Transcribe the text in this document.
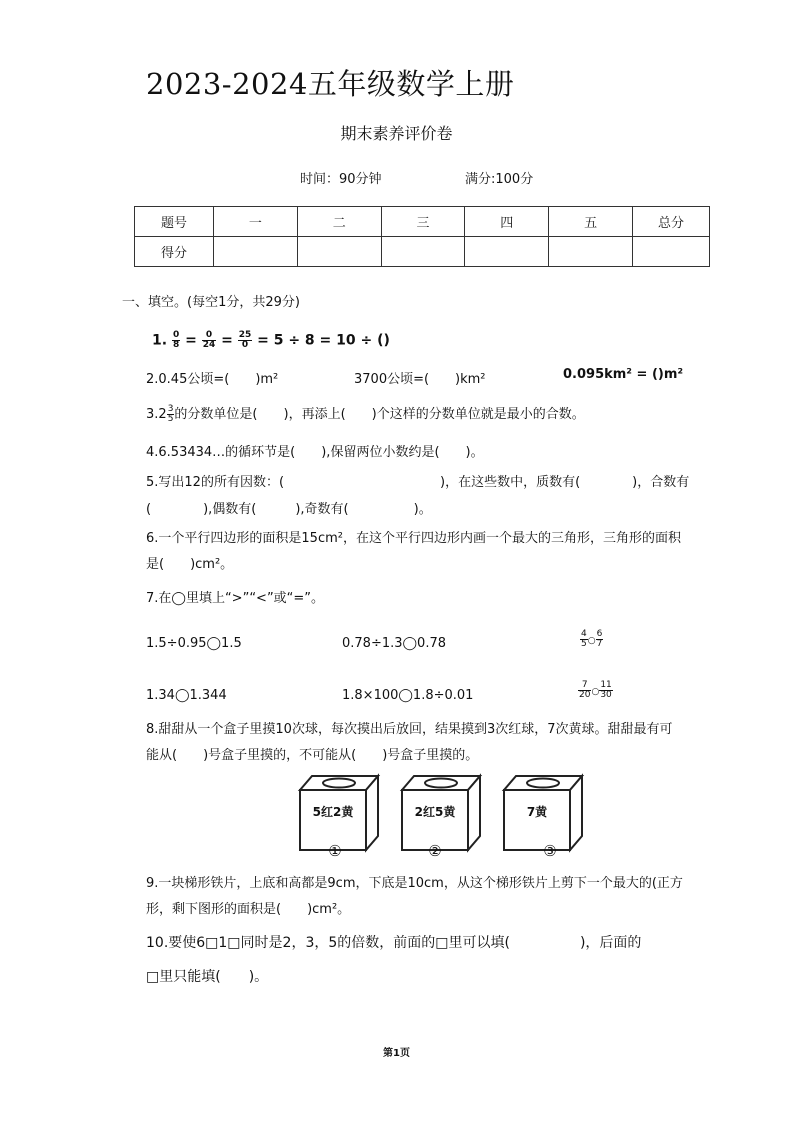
2023-2024五年级数学上册
期末素养评价卷
时间：90分钟	满分:100分
题号	一	二	三	四	五	总分
得分						
一、填空。(每空1分，共29分)
1. $\frac{0}{8} = \frac{0}{24} = \frac{25}{0} = 5 \div 8 = 10$ ÷ ()
2.0.45公顷=(　　)m²	3700公顷=(　　)km²	0.095km² = ()m²
$3.2 \frac{3}{5}$ 的分数单位是(　　)，再添上(　　)个这样的分数单位就是最小的合数。
4.6.53434…的循环节是(　　),保留两位小数约是(　　)。
5.写出12的所有因数：(　　　　　　　　　　　　)，在这些数中，质数有(　　　　)，合数有
(　　　　),偶数有(　　　),奇数有(　　　　　)。
6.一个平行四边形的面积是15cm²，在这个平行四边形内画一个最大的三角形，三角形的面积
是(　　)cm²。
7.在◯里填上“>”“<”或“=”。
1.5÷0.95◯1.5	0.78÷1.3◯0.78	$\frac{4}{5}$ ○ $\frac{6}{7}$
1.34◯1.344	1.8×100◯1.8÷0.01	$\frac{7}{20}$ ○ $\frac{11}{30}$
8.甜甜从一个盒子里摸10次球，每次摸出后放回，结果摸到3次红球，7次黄球。甜甜最有可
能从(　　)号盒子里摸的，不可能从(　　)号盒子里摸的。
5红2黄	2红5黄	7黄
①	②	③
9.一块梯形铁片，上底和高都是9cm，下底是10cm，从这个梯形铁片上剪下一个最大的(正方
形，剩下图形的面积是(　　)cm²。
10.要使6□1□同时是2，3，5的倍数，前面的□里可以填(　　　　　)，后面的
□里只能填(　　)。
第1页
